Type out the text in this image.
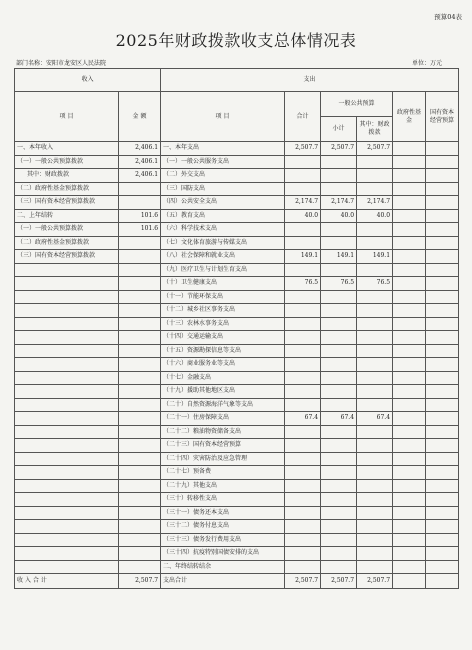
预算04表
2025年财政拨款收支总体情况表
部门名称：安阳市龙安区人民法院	单位：万元
收入		支出					
项 目	金 额	项 目	合计	一般公共预算		政府性基金	国有资本经营预算
				小计	其中：财政拨款		
一、本年收入	2,406.1	一、本年支出	2,507.7	2,507.7	2,507.7		
（一）一般公共预算拨款	2,406.1	（一）一般公共服务支出					
其中：财政拨款	2,406.1	（二）外交支出					
（二）政府性基金预算拨款		（三）国防支出					
（三）国有资本经营预算拨款		（四）公共安全支出	2,174.7	2,174.7	2,174.7		
二、上年结转	101.6	（五）教育支出	40.0	40.0	40.0		
（一）一般公共预算拨款	101.6	（六）科学技术支出					
（二）政府性基金预算拨款		（七）文化体育旅游与传媒支出					
（三）国有资本经营预算拨款		（八）社会保障和就业支出	149.1	149.1	149.1		
		（九）医疗卫生与计划生育支出					
		（十）卫生健康支出	76.5	76.5	76.5		
		（十一）节能环保支出					
		（十二）城乡社区事务支出					
		（十三）农林水事务支出					
		（十四）交通运输支出					
		（十五）资源勘探信息等支出					
		（十六）商业服务业等支出					
		（十七）金融支出					
		（十九）援助其他地区支出					
		（二十）自然资源海洋气象等支出					
		（二十一）住房保障支出	67.4	67.4	67.4		
		（二十二）粮油物资储备支出					
		（二十三）国有资本经营预算					
		（二十四）灾害防治及应急管理					
		（二十七）预备费					
		（二十九）其他支出					
		（三十）转移性支出					
		（三十一）债务还本支出					
		（三十二）债务付息支出					
		（三十三）债务发行费用支出					
		（三十四）抗疫特别国债安排的支出					
		二、年终结转结余					
收 入 合 计	2,507.7	支出合计	2,507.7	2,507.7	2,507.7		
